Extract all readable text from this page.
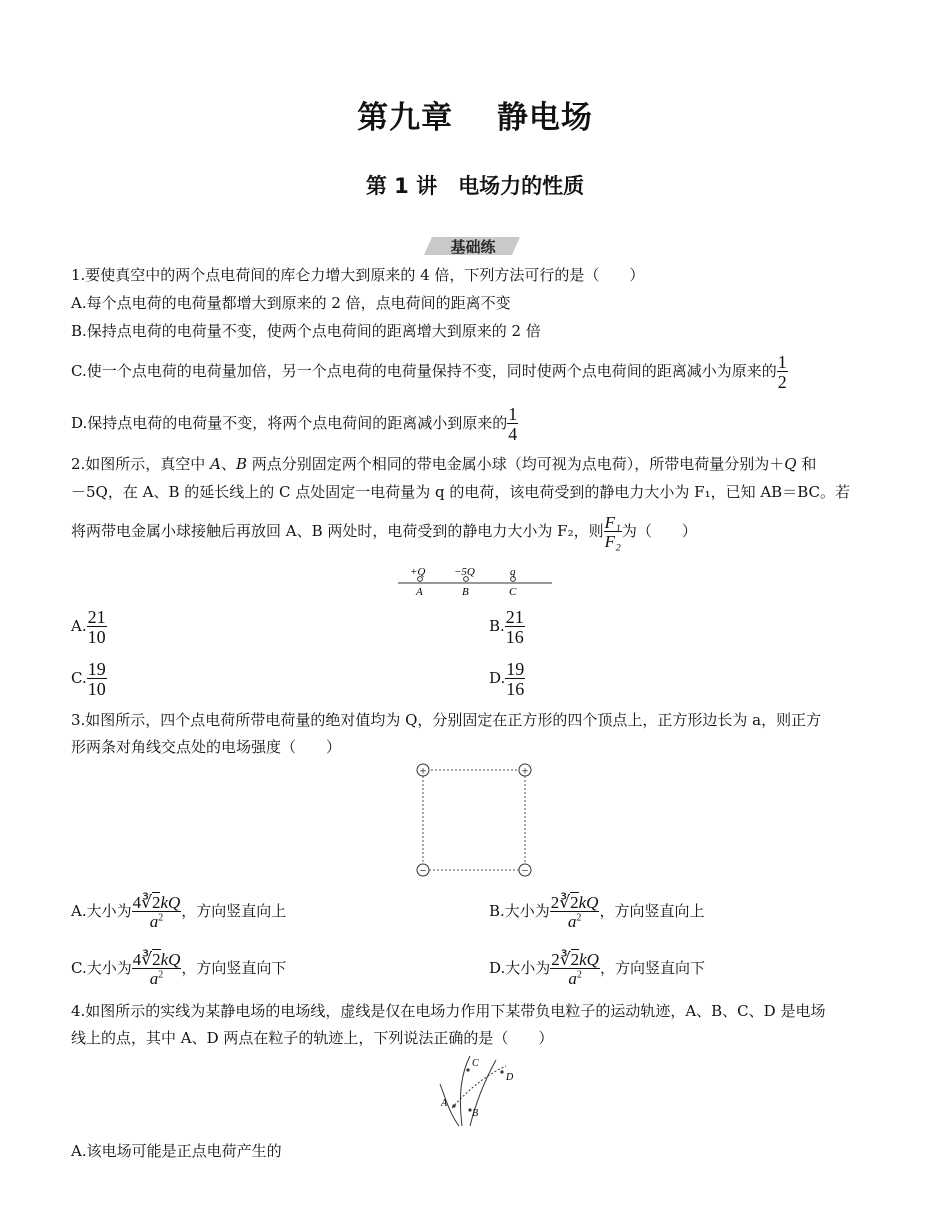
第九章　 静电场
第 1 讲　电场力的性质
基础练
1.要使真空中的两个点电荷间的库仑力增大到原来的 4 倍，下列方法可行的是（　　）
A.每个点电荷的电荷量都增大到原来的 2 倍，点电荷间的距离不变
B.保持点电荷的电荷量不变，使两个点电荷间的距离增大到原来的 2 倍
C.使一个点电荷的电荷量加倍，另一个点电荷的电荷量保持不变，同时使两个点电荷间的距离减小为原来的 $\frac{1}{2}$
D.保持点电荷的电荷量不变，将两个点电荷间的距离减小到原来的 $\frac{1}{4}$
2.如图所示，真空中 A、B 两点分别固定两个相同的带电金属小球（均可视为点电荷），所带电荷量分别为＋Q 和
－5Q，在 A、B 的延长线上的 C 点处固定一电荷量为 q 的电荷，该电荷受到的静电力大小为 F₁，已知 AB＝BC。若
将两带电金属小球接触后再放回 A、B 两处时，电荷受到的静电力大小为 F₂，则 $\frac{\text{F₁}}{\text{F₂}}$ 为（　　）
+Q	−5Q	q
A	B	C
A. $\frac{21}{10}$	B. $\frac{21}{16}$
C. $\frac{19}{10}$	D. $\frac{19}{16}$
3.如图所示，四个点电荷所带电荷量的绝对值均为 Q，分别固定在正方形的四个顶点上，正方形边长为 a，则正方
形两条对角线交点处的电场强度（　　）
+	+
−	−
A.大小为 $\frac{4∛2kQ}{a^2}$ ，方向竖直向上	B.大小为 $\frac{2∛2kQ}{a^2}$ ，方向竖直向上
C.大小为 $\frac{4∛2kQ}{a^2}$ ，方向竖直向下	D.大小为 $\frac{2∛2kQ}{a^2}$ ，方向竖直向下
4.如图所示的实线为某静电场的电场线，虚线是仅在电场力作用下某带负电粒子的运动轨迹，A、B、C、D 是电场
线上的点，其中 A、D 两点在粒子的轨迹上，下列说法正确的是（　　）
A
B
C
D
A.该电场可能是正点电荷产生的
